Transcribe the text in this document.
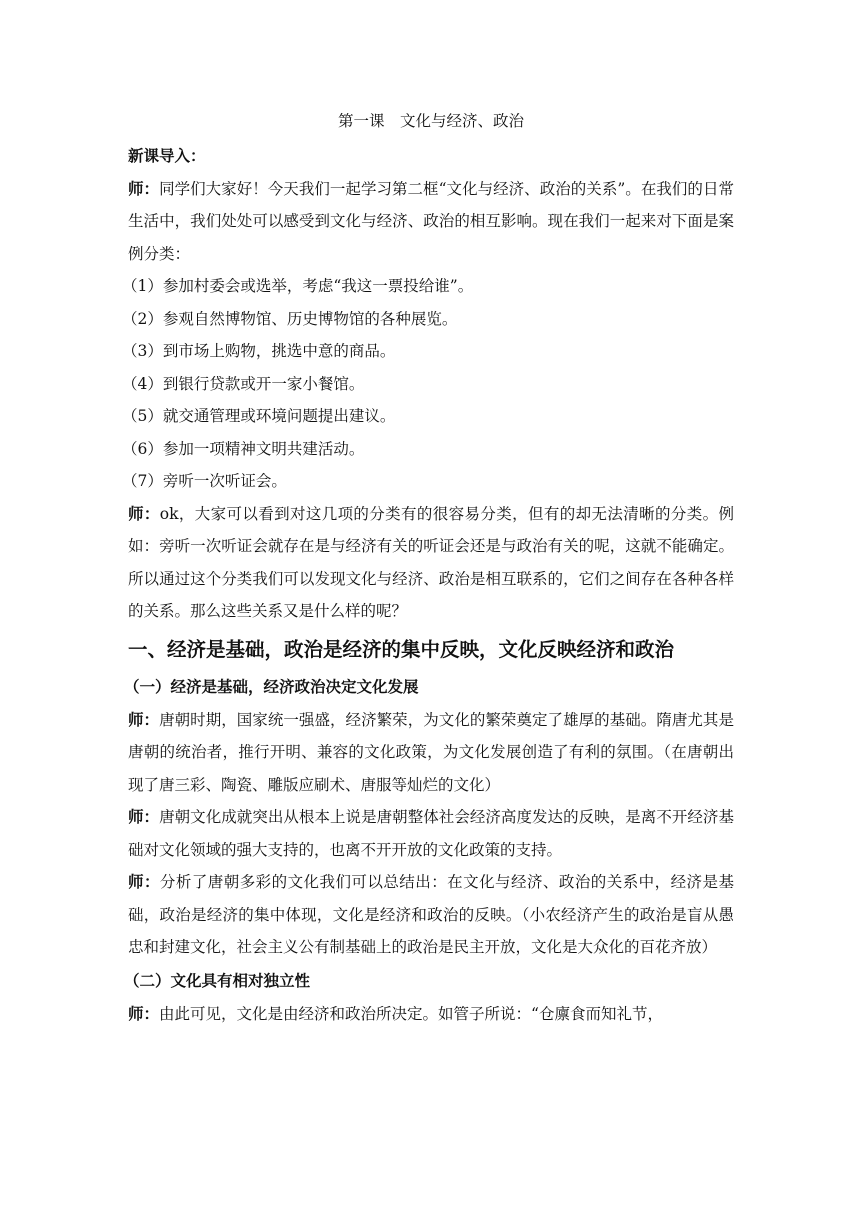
第一课　文化与经济、政治
新课导入：
师：同学们大家好！今天我们一起学习第二框“文化与经济、政治的关系”。在我们的日常生活中，我们处处可以感受到文化与经济、政治的相互影响。现在我们一起来对下面是案例分类：
（1）参加村委会或选举，考虑“我这一票投给谁”。
（2）参观自然博物馆、历史博物馆的各种展览。
（3）到市场上购物，挑选中意的商品。
（4）到银行贷款或开一家小餐馆。
（5）就交通管理或环境问题提出建议。
（6）参加一项精神文明共建活动。
（7）旁听一次听证会。
师：ok，大家可以看到对这几项的分类有的很容易分类，但有的却无法清晰的分类。例如：旁听一次听证会就存在是与经济有关的听证会还是与政治有关的呢，这就不能确定。所以通过这个分类我们可以发现文化与经济、政治是相互联系的，它们之间存在各种各样的关系。那么这些关系又是什么样的呢？
一、经济是基础，政治是经济的集中反映，文化反映经济和政治
（一）经济是基础，经济政治决定文化发展
师：唐朝时期，国家统一强盛，经济繁荣，为文化的繁荣奠定了雄厚的基础。隋唐尤其是唐朝的统治者，推行开明、兼容的文化政策，为文化发展创造了有利的氛围。（在唐朝出现了唐三彩、陶瓷、雕版应刷术、唐服等灿烂的文化）
师：唐朝文化成就突出从根本上说是唐朝整体社会经济高度发达的反映，是离不开经济基础对文化领域的强大支持的，也离不开开放的文化政策的支持。
师：分析了唐朝多彩的文化我们可以总结出：在文化与经济、政治的关系中，经济是基础，政治是经济的集中体现，文化是经济和政治的反映。（小农经济产生的政治是盲从愚忠和封建文化，社会主义公有制基础上的政治是民主开放，文化是大众化的百花齐放）
（二）文化具有相对独立性
师：由此可见，文化是由经济和政治所决定。如管子所说：“仓廪食而知礼节，
